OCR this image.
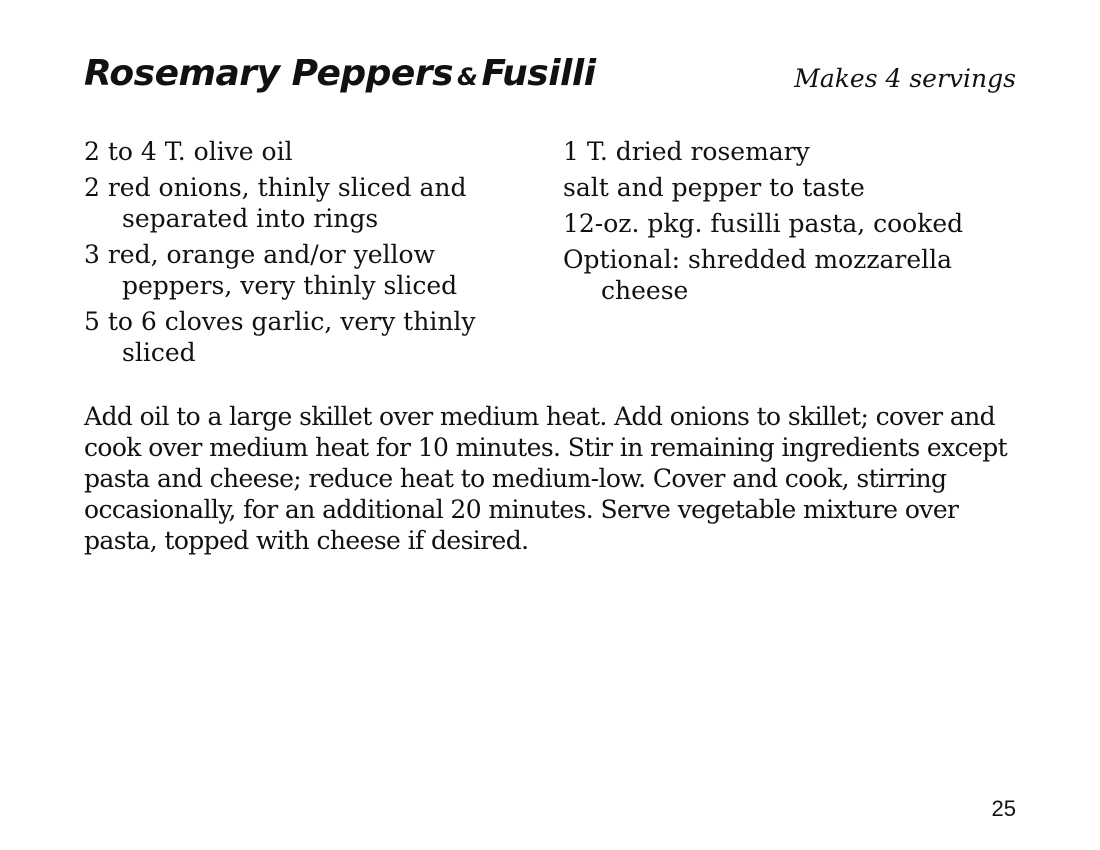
Rosemary Peppers & Fusilli	Makes 4 servings
2 to 4 T. olive oil
2 red onions, thinly sliced and separated into rings
3 red, orange and/or yellow peppers, very thinly sliced
5 to 6 cloves garlic, very thinly sliced
1 T. dried rosemary
salt and pepper to taste
12-oz. pkg. fusilli pasta, cooked
Optional: shredded mozzarella cheese

Add oil to a large skillet over medium heat. Add onions to skillet; cover and cook over medium heat for 10 minutes. Stir in remaining ingredients except pasta and cheese; reduce heat to medium-low. Cover and cook, stirring occasionally, for an additional 20 minutes. Serve vegetable mixture over pasta, topped with cheese if desired.

25
